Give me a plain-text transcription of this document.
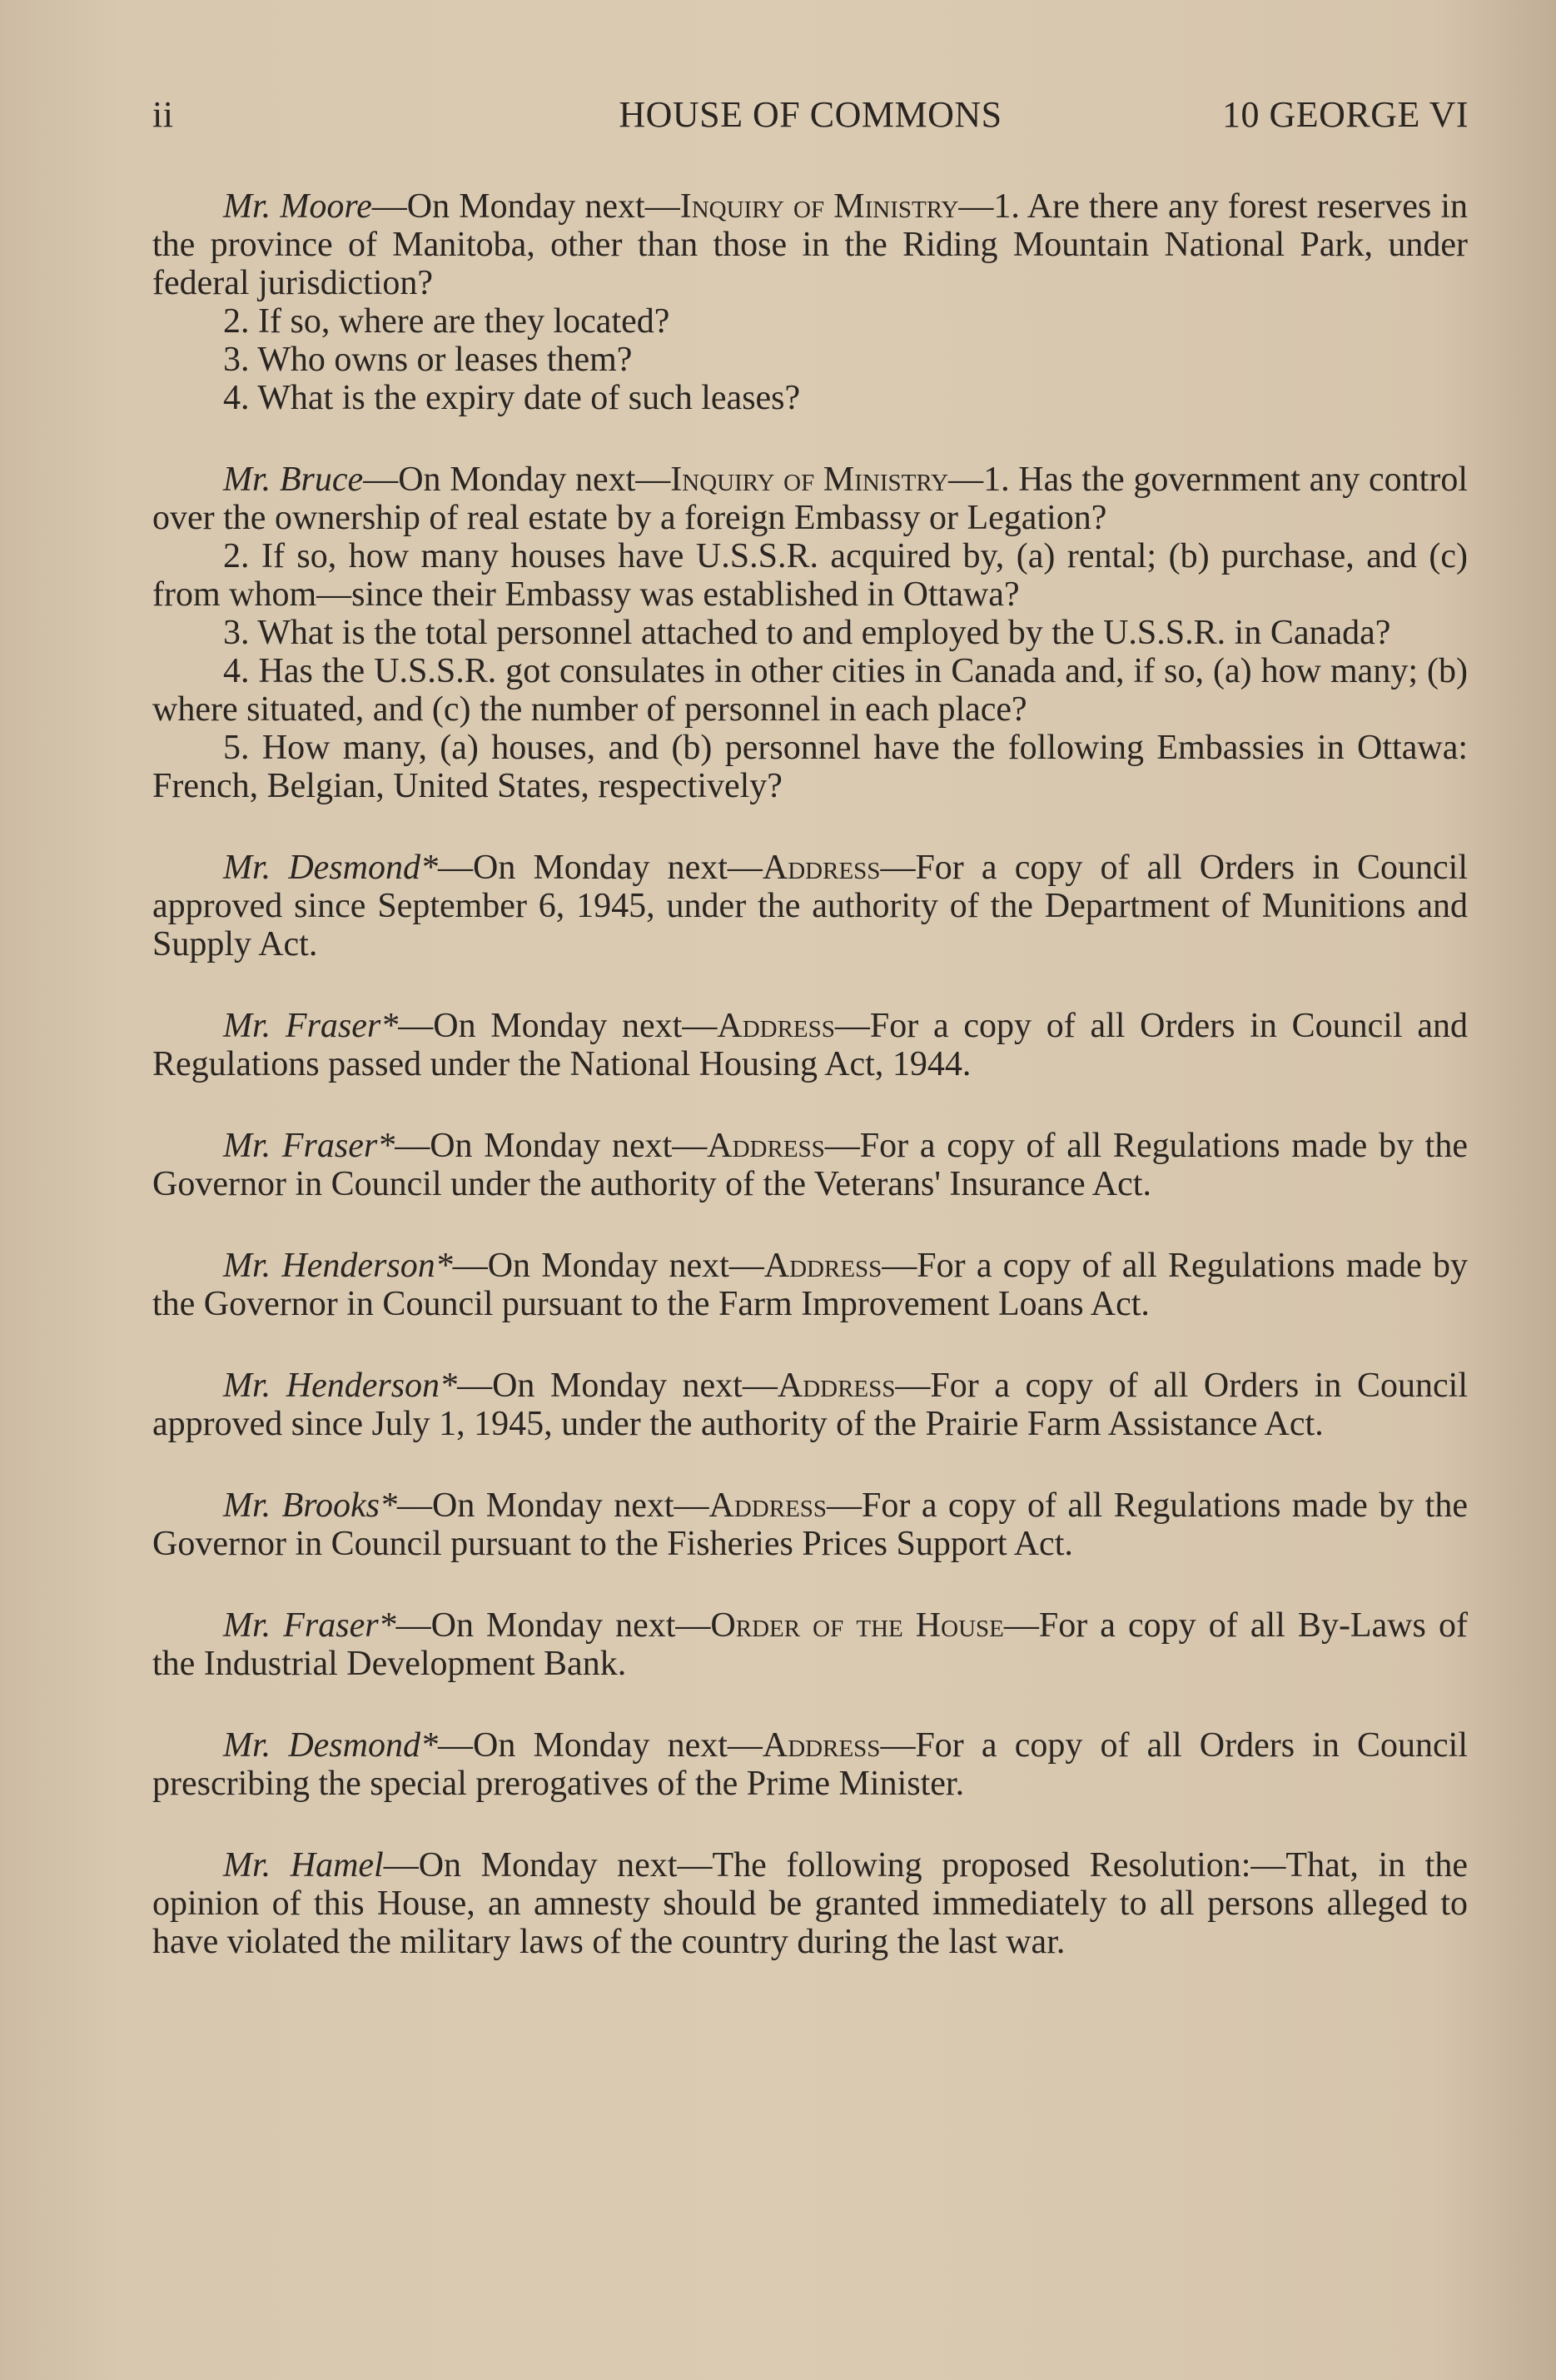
ii	HOUSE OF COMMONS	10 GEORGE VI

Mr. Moore—On Monday next—Inquiry of Ministry—1. Are there any forest reserves in the province of Manitoba, other than those in the Riding Mountain National Park, under federal jurisdiction?

2. If so, where are they located?

3. Who owns or leases them?

4. What is the expiry date of such leases?

Mr. Bruce—On Monday next—Inquiry of Ministry—1. Has the government any control over the ownership of real estate by a foreign Embassy or Legation?

2. If so, how many houses have U.S.S.R. acquired by, (a) rental; (b) purchase, and (c) from whom—since their Embassy was established in Ottawa?

3. What is the total personnel attached to and employed by the U.S.S.R. in Canada?

4. Has the U.S.S.R. got consulates in other cities in Canada and, if so, (a) how many; (b) where situated, and (c) the number of personnel in each place?

5. How many, (a) houses, and (b) personnel have the following Embassies in Ottawa: French, Belgian, United States, respectively?

Mr. Desmond*—On Monday next—Address—For a copy of all Orders in Council approved since September 6, 1945, under the authority of the Department of Munitions and Supply Act.

Mr. Fraser*—On Monday next—Address—For a copy of all Orders in Council and Regulations passed under the National Housing Act, 1944.

Mr. Fraser*—On Monday next—Address—For a copy of all Regulations made by the Governor in Council under the authority of the Veterans' Insurance Act.

Mr. Henderson*—On Monday next—Address—For a copy of all Regulations made by the Governor in Council pursuant to the Farm Improvement Loans Act.

Mr. Henderson*—On Monday next—Address—For a copy of all Orders in Council approved since July 1, 1945, under the authority of the Prairie Farm Assistance Act.

Mr. Brooks*—On Monday next—Address—For a copy of all Regulations made by the Governor in Council pursuant to the Fisheries Prices Support Act.

Mr. Fraser*—On Monday next—Order of the House—For a copy of all By-Laws of the Industrial Development Bank.

Mr. Desmond*—On Monday next—Address—For a copy of all Orders in Council prescribing the special prerogatives of the Prime Minister.

Mr. Hamel—On Monday next—The following proposed Resolution:—That, in the opinion of this House, an amnesty should be granted immediately to all persons alleged to have violated the military laws of the country during the last war.
